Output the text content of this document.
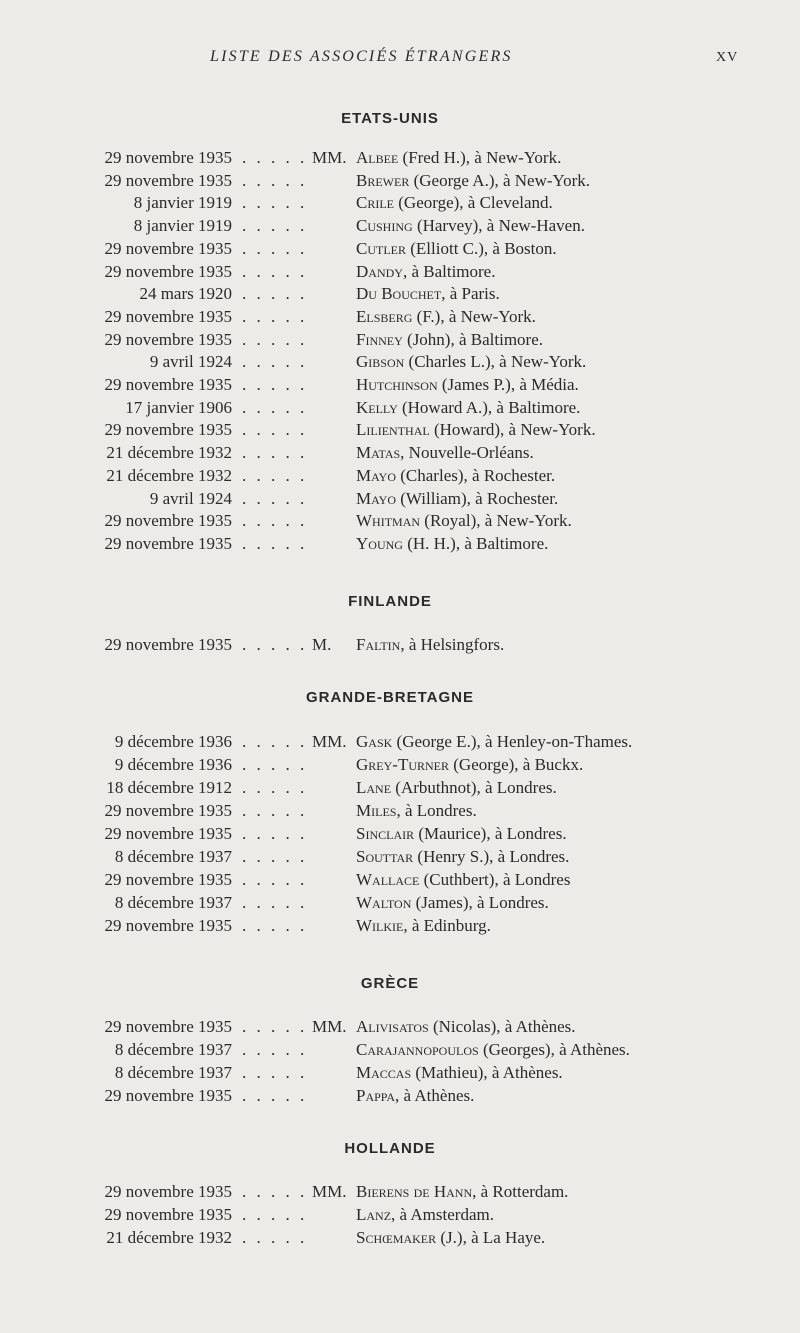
LISTE DES ASSOCIÉS ÉTRANGERS	XV
ETATS-UNIS
29 novembre 1935 . . . . . MM. Albee (Fred H.), à New-York.
29 novembre 1935 . . . . .	Brewer (George A.), à New-York.
8 janvier 1919 . . . . .	Crile (George), à Cleveland.
8 janvier 1919 . . . . .	Cushing (Harvey), à New-Haven.
29 novembre 1935 . . . . .	Cutler (Elliott C.), à Boston.
29 novembre 1935 . . . . .	Dandy, à Baltimore.
24 mars 1920 . . . . .	Du Bouchet, à Paris.
29 novembre 1935 . . . . .	Elsberg (F.), à New-York.
29 novembre 1935 . . . . .	Finney (John), à Baltimore.
9 avril 1924 . . . . .	Gibson (Charles L.), à New-York.
29 novembre 1935 . . . . .	Hutchinson (James P.), à Média.
17 janvier 1906 . . . . .	Kelly (Howard A.), à Baltimore.
29 novembre 1935 . . . . .	Lilienthal (Howard), à New-York.
21 décembre 1932 . . . . .	Matas, Nouvelle-Orléans.
21 décembre 1932 . . . . .	Mayo (Charles), à Rochester.
9 avril 1924 . . . . .	Mayo (William), à Rochester.
29 novembre 1935 . . . . .	Whitman (Royal), à New-York.
29 novembre 1935 . . . . .	Young (H. H.), à Baltimore.
FINLANDE
29 novembre 1935 . . . . . M. Faltin, à Helsingfors.
GRANDE-BRETAGNE
9 décembre 1936 . . . . . MM. Gask (George E.), à Henley-on-Thames.
9 décembre 1936 . . . . .	Grey-Turner (George), à Buckx.
18 décembre 1912 . . . . .	Lane (Arbuthnot), à Londres.
29 novembre 1935 . . . . .	Miles, à Londres.
29 novembre 1935 . . . . .	Sinclair (Maurice), à Londres.
8 décembre 1937 . . . . .	Souttar (Henry S.), à Londres.
29 novembre 1935 . . . . .	Wallace (Cuthbert), à Londres
8 décembre 1937 . . . . .	Walton (James), à Londres.
29 novembre 1935 . . . . .	Wilkie, à Edinburg.
GRÈCE
29 novembre 1935 . . . . . MM. Alivisatos (Nicolas), à Athènes.
8 décembre 1937 . . . . .	Carajannopoulos (Georges), à Athènes.
8 décembre 1937 . . . . .	Maccas (Mathieu), à Athènes.
29 novembre 1935 . . . . .	Pappa, à Athènes.
HOLLANDE
29 novembre 1935 . . . . . MM. Bierens de Hann, à Rotterdam.
29 novembre 1935 . . . . .	Lanz, à Amsterdam.
21 décembre 1932 . . . . .	Schœmaker (J.), à La Haye.
